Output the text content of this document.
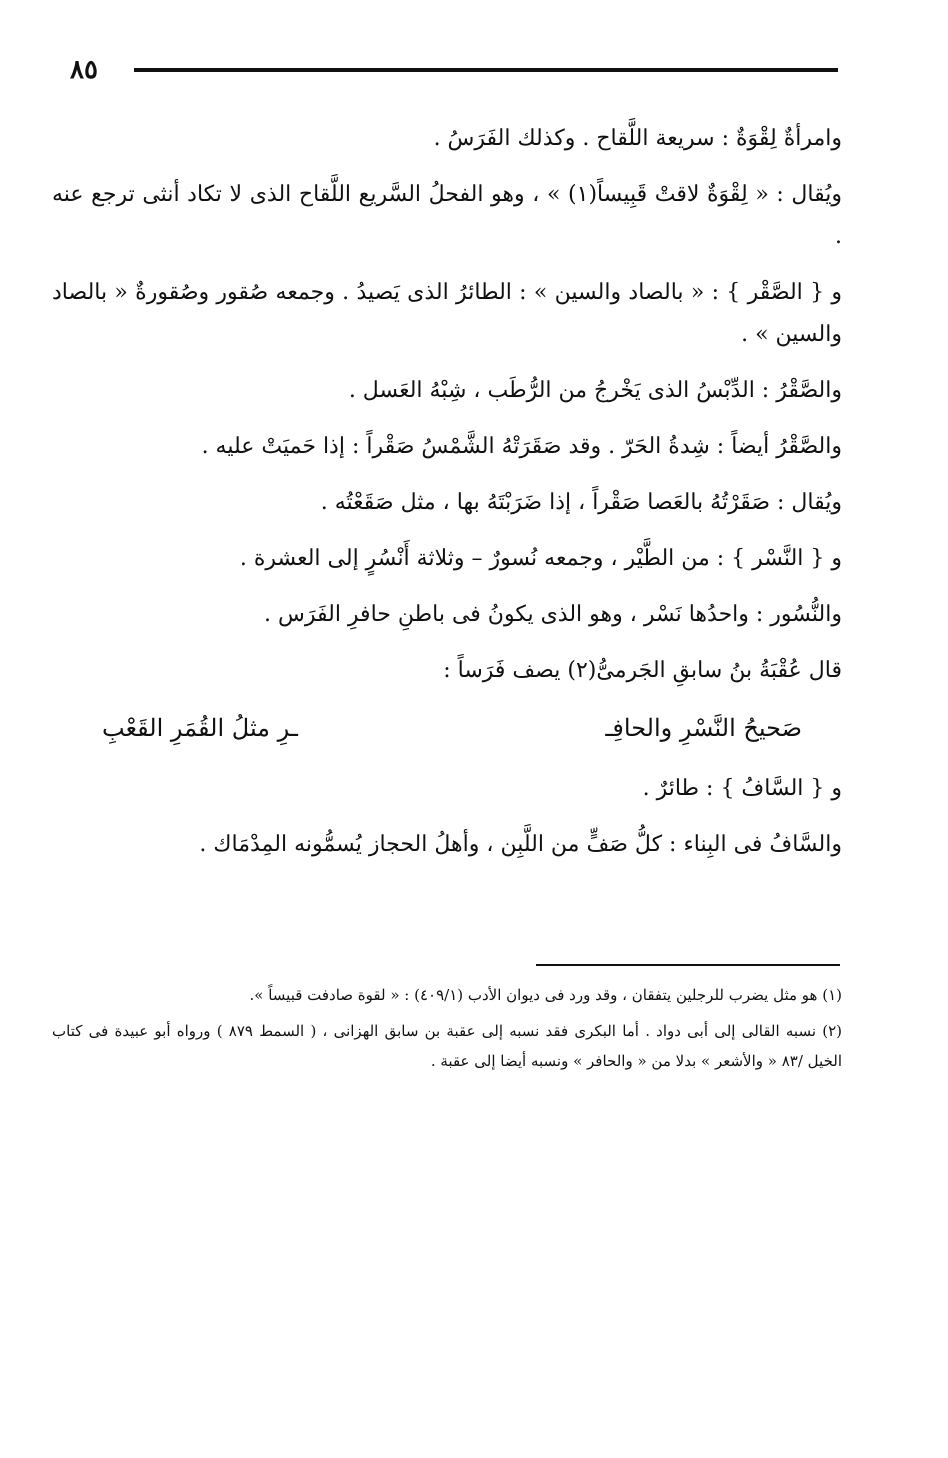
٨٥

وامرأةٌ لِقْوَةٌ : سريعة اللَّقاح . وكذلك الفَرَسُ .

ويُقال : « لِقْوَةٌ لاقتْ قَبِيساً(١) » ، وهو الفحلُ السَّريع اللَّقاح الذى لا تكاد أنثى ترجع عنه .

و { الصَّقْر } : « بالصاد والسين » : الطائرُ الذى يَصيدُ . وجمعه صُقور وصُقورةٌ « بالصاد والسين » .

والصَّقْرُ : الدِّبْسُ الذى يَخْرجُ من الرُّطَب ، شِبْهُ العَسل .

والصَّقْرُ أيضاً : شِدةُ الحَرّ . وقد صَقَرَتْهُ الشَّمْسُ صَقْراً : إذا حَميَتْ عليه .

ويُقال : صَقَرْتُهُ بالعَصا صَقْراً ، إذا ضَرَبْتَهُ بها ، مثل صَقَعْتُه .

و { النَّسْر } : من الطَّيْر ، وجمعه نُسورٌ – وثلاثة أَنْسُرٍ إلى العشرة .

والنُّسُور : واحدُها نَسْر ، وهو الذى يكونُ فى باطنِ حافرِ الفَرَس .

قال عُقْبَةُ بنُ سابقِ الجَرمىُّ(٢) يصف فَرَساً :

صَحيحُ النَّسْرِ والحافِـ
ـرِ مثلُ القُمَرِ القَعْبِ

و { السَّافُ } : طائرٌ .

والسَّافُ فى البِناء : كلُّ صَفٍّ من اللَّبِن ، وأهلُ الحجاز يُسمُّونه المِدْمَاك .

(١) هو مثل يضرب للرجلين يتفقان ، وقد ورد فى ديوان الأدب (٤٠٩/١) : « لقوة صادفت قبيساً ».

(٢) نسبه القالى إلى أبى دواد . أما البكرى فقد نسبه إلى عقبة بن سابق الهزانى ، ( السمط ٨٧٩ ) ورواه أبو عبيدة فى كتاب الخيل /٨٣ « والأشعر » بدلا من « والحافر » ونسبه أيضا إلى عقبة .
